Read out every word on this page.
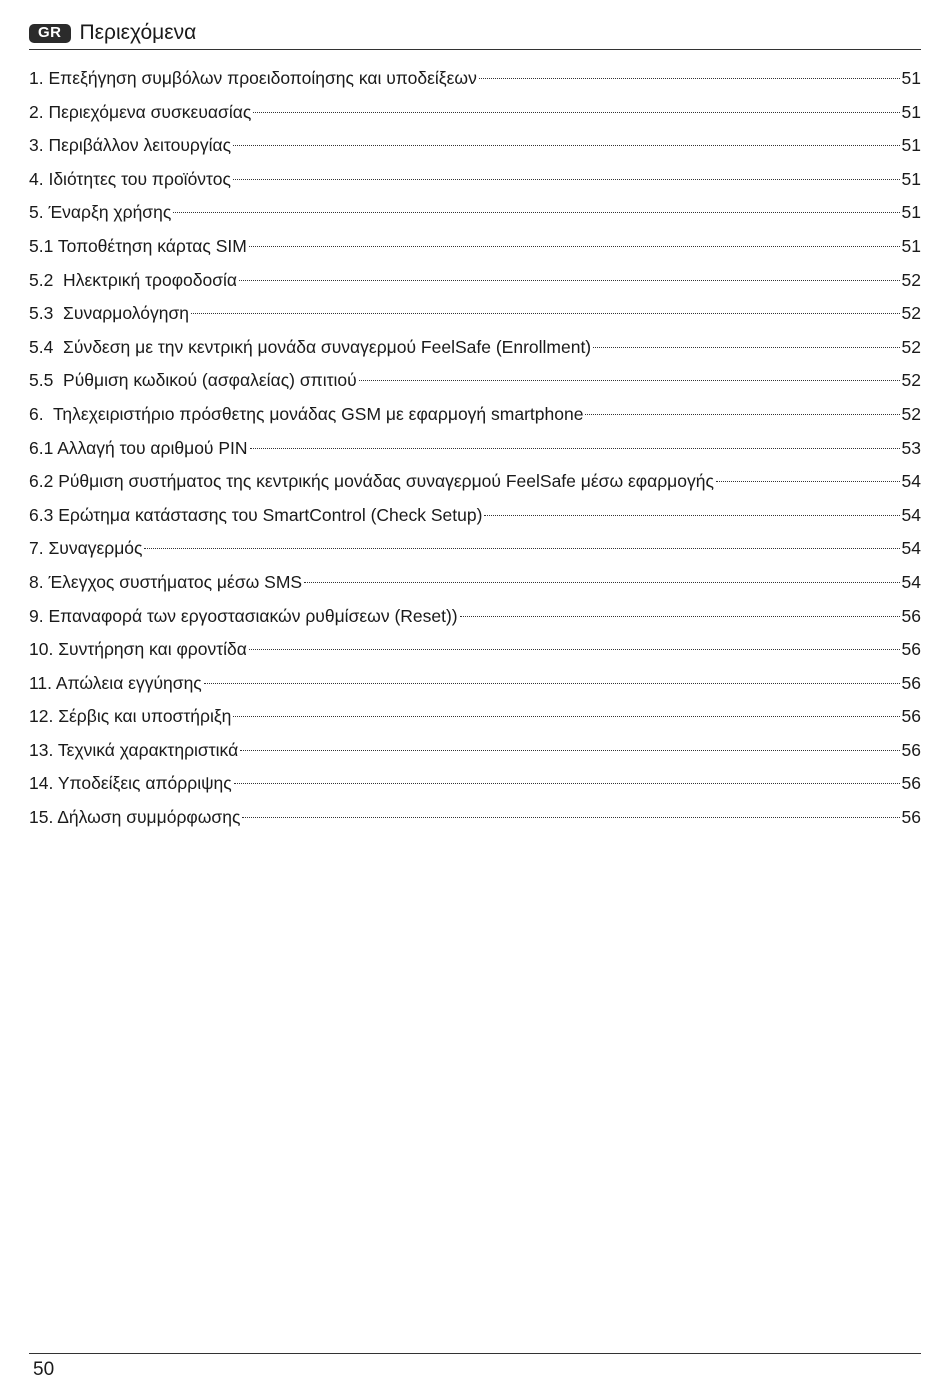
GR Περιεχόμενα
1. Επεξήγηση συμβόλων προειδοποίησης και υποδείξεων	51
2. Περιεχόμενα συσκευασίας	51
3. Περιβάλλον λειτουργίας	51
4. Ιδιότητες του προϊόντος	51
5. Έναρξη χρήσης	51
5.1 Τοποθέτηση κάρτας SIM	51
5.2  Ηλεκτρική τροφοδοσία	52
5.3  Συναρμολόγηση	52
5.4  Σύνδεση με την κεντρική μονάδα συναγερμού FeelSafe (Enrollment)	52
5.5  Ρύθμιση κωδικού (ασφαλείας) σπιτιού	52
6.  Τηλεχειριστήριο πρόσθετης μονάδας GSM με εφαρμογή smartphone	52
6.1 Αλλαγή του αριθμού PIN	53
6.2 Ρύθμιση συστήματος της κεντρικής μονάδας συναγερμού FeelSafe μέσω εφαρμογής	54
6.3 Ερώτημα κατάστασης του SmartControl (Check Setup)	54
7. Συναγερμός	54
8. Έλεγχος συστήματος μέσω SMS	54
9. Επαναφορά των εργοστασιακών ρυθμίσεων (Reset))	56
10. Συντήρηση και φροντίδα	56
11. Απώλεια εγγύησης	56
12. Σέρβις και υποστήριξη	56
13. Τεχνικά χαρακτηριστικά	56
14. Υποδείξεις απόρριψης	56
15. Δήλωση συμμόρφωσης	56
50
